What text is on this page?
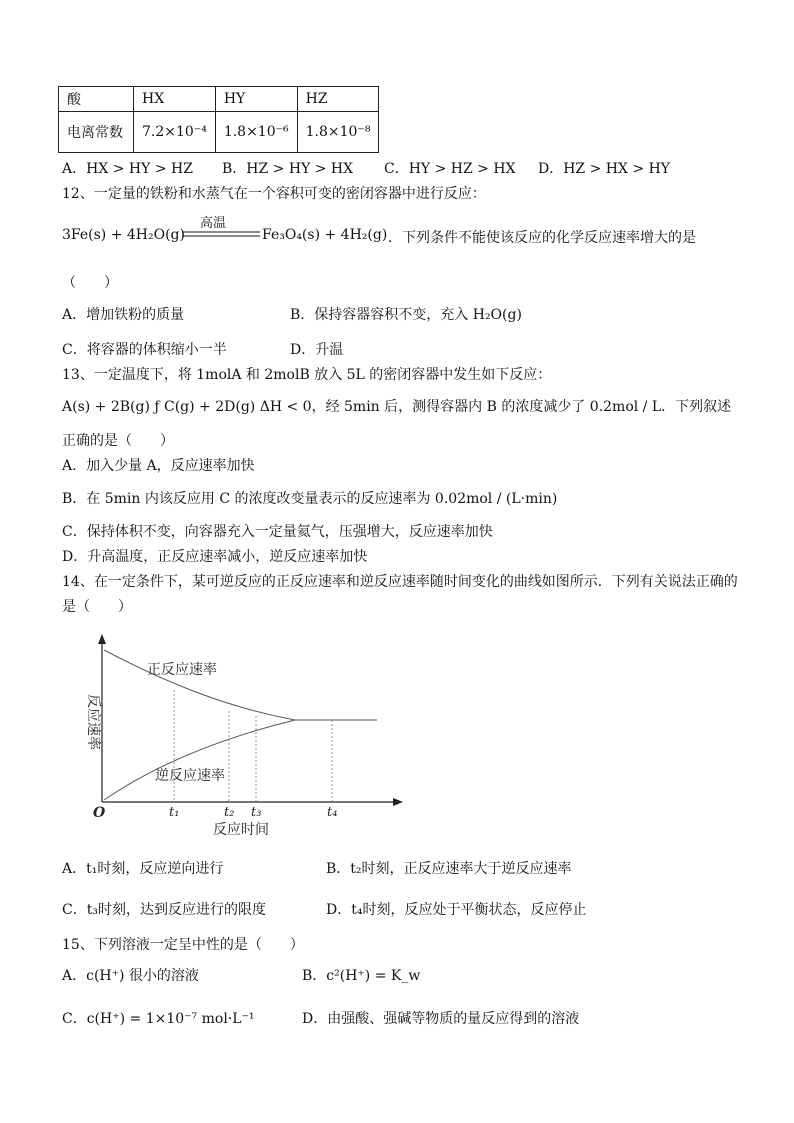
酸	HX	HY	HZ
电离常数	7.2×10⁻⁴	1.8×10⁻⁶	1.8×10⁻⁸
A．HX > HY > HZ B．HZ > HY > HX C．HY > HZ > HX D．HZ > HX > HY
12、一定量的铁粉和水蒸气在一个容积可变的密闭容器中进行反应：
3Fe(s) + 4H₂O(g)
高温
Fe₃O₄(s) + 4H₂(g) ．下列条件不能使该反应的化学反应速率增大的是
（　　）
A．增加铁粉的质量	B．保持容器容积不变，充入 H₂O(g)
C．将容器的体积缩小一半	D．升温
13、一定温度下，将 1molA 和 2molB 放入 5L 的密闭容器中发生如下反应：
A(s) + 2B(g) ƒ C(g) + 2D(g) ΔH < 0，经 5min 后，测得容器内 B 的浓度减少了 0.2mol / L．下列叙述
正确的是（　　）
A．加入少量 A，反应速率加快
B．在 5min 内该反应用 C 的浓度改变量表示的反应速率为 0.02mol / (L·min)
C．保持体积不变，向容器充入一定量氦气，压强增大，反应速率加快
D．升高温度，正反应速率减小，逆反应速率加快
14、在一定条件下，某可逆反应的正反应速率和逆反应速率随时间变化的曲线如图所示．下列有关说法正确的
是（　　）
正反应速率
逆反应速率
O	t₁	t₂ t₃	t₄
反应时间
反应速率
A．t₁时刻，反应逆向进行	B．t₂时刻，正反应速率大于逆反应速率
C．t₃时刻，达到反应进行的限度	D．t₄时刻，反应处于平衡状态，反应停止
15、下列溶液一定呈中性的是（　　）
A．c(H⁺) 很小的溶液	B．c²(H⁺) = K_w
C．c(H⁺) = 1×10⁻⁷ mol·L⁻¹	D．由强酸、强碱等物质的量反应得到的溶液
